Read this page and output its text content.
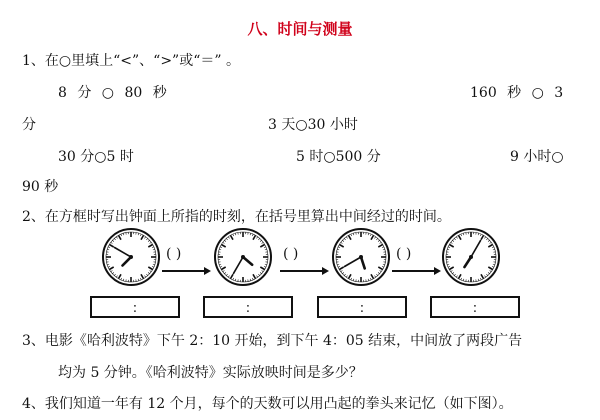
八、时间与测量
1、在○里填上“<”、“>”或“＝” 。
8 分 ○ 80 秒	160 秒 ○ 3
分	3 天○30 小时
30 分○5 时	5 时○500 分	9 小时○
90 秒
2、在方框时写出钟面上所指的时刻，在括号里算出中间经过的时间。
( )	( )	( )
:	:	:	:
3、电影《哈利波特》下午 2：10 开始，到下午 4：05 结束，中间放了两段广告
均为 5 分钟。《哈利波特》实际放映时间是多少？
4、我们知道一年有 12 个月，每个的天数可以用凸起的拳头来记忆（如下图）。
